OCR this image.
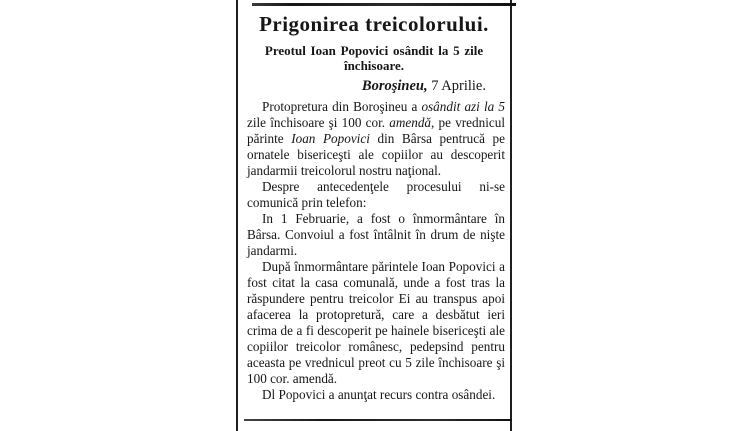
Prigonirea treicolorului.
Preotul Ioan Popovici osândit la 5 zile închisoare.
Boroşineu, 7 Aprilie.

Protopretura din Boroşineu a osândit azi la 5 zile închisoare şi 100 cor. amendă, pe vrednicul părinte Ioan Popovici din Bârsa pentrucă pe ornatele bisericeşti ale copiilor au descoperit jandarmii treicolorul nostru naţional.

Despre antecedenţele procesului ni-se comunică prin telefon:

In 1 Februarie, a fost o înmormântare în Bârsa. Convoiul a fost întâlnit în drum de nişte jandarmi.

După înmormântare părintele Ioan Popovici a fost citat la casa comunală, unde a fost tras la răspundere pentru treicolor Ei au transpus apoi afacerea la protopretură, care a desbătut ieri crima de a fi descoperit pe hainele bisericeşti ale copiilor treicolor românesc, pedepsind pentru aceasta pe vrednicul preot cu 5 zile închisoare şi 100 cor. amendă.

Dl Popovici a anunţat recurs contra osândei.
